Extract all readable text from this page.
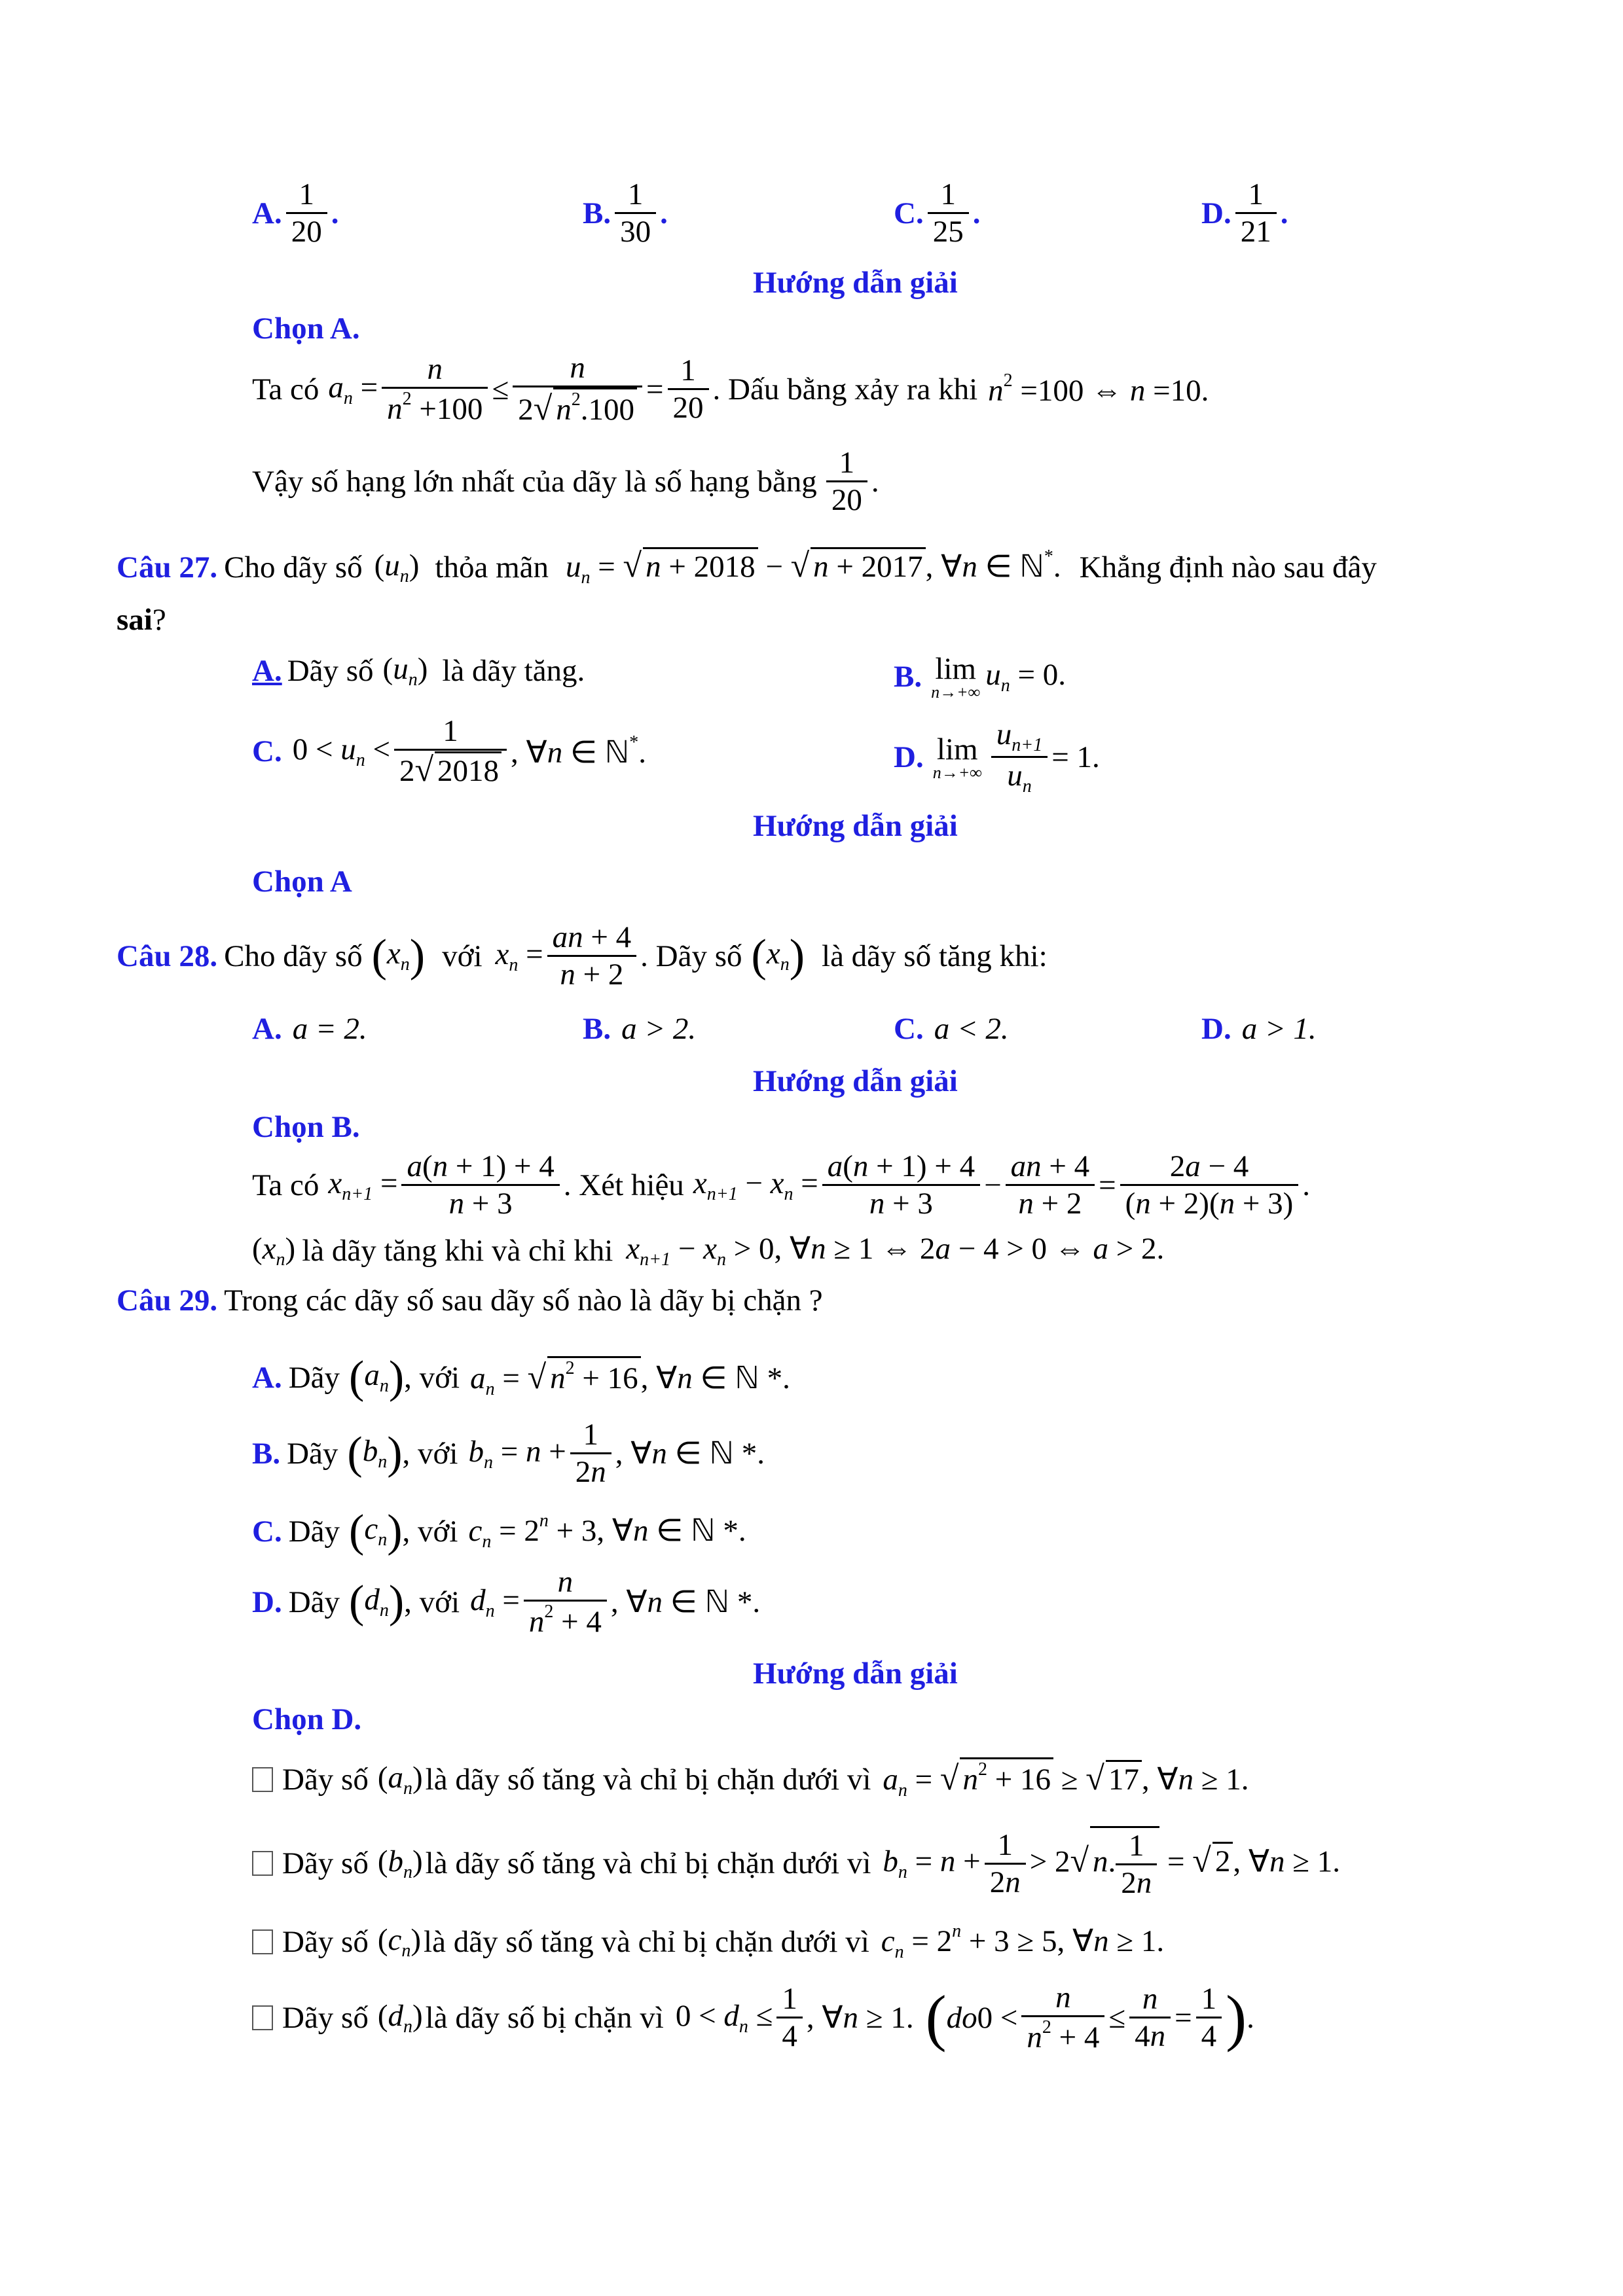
A. $\frac{1}{20}$ .	B. $\frac{1}{30}$ .	C. $\frac{1}{25}$ .	D. $\frac{1}{21}$ .
Hướng dẫn giải
Chọn A.
Ta có $a_n = \frac{n}{n^2 +100} \le \frac{n}{2√ n^2.100} = \frac{1}{20}$ . Dấu bằng xảy ra khi $n^2 =100$ ⇔ n =10.
Vậy số hạng lớn nhất của dãy là số hạng bằng $\frac{1}{20}$ .
Câu 27. Cho dãy số $(u_n)$ thỏa mãn $u_n$ = √ n + 2018 − √ n + 2017, ∀n ∈ ℕ*. Khẳng định nào sau đây
sai?
A. Dãy số $(u_n)$ là dãy tăng.	B. lim
n→+∞
$u_n = 0$.
C. $0 < u_n < \frac{1}{2√ 2018}$ , ∀n ∈ ℕ*.	D. lim
$n\to+\infty \frac{u_{n+1}}{u_n} = 1$.
Hướng dẫn giải
Chọn A
Câu 28. Cho dãy số $(x_n)$ với $x_n = \frac{an + 4}{n + 2}$ . Dãy số $(x_n)$ là dãy số tăng khi:
A. a = 2.	B. a > 2.	C. a < 2.	D. a > 1.
Hướng dẫn giải
Chọn B.
Ta có $x_{n+1} = \frac{a(n + 1) + 4}{n + 3}$ . Xét hiệu $x_{n+1} - x_n = \frac{a(n + 1) + 4}{n + 3} - \frac{an + 4}{n + 2} = \frac{2a - 4}{(n + 2)(n + 3)}$ .
$(x_n)$ là dãy tăng khi và chỉ khi $x_{n+1} - x_n > 0$, ∀n ≥ 1 ⇔ 2a − 4 > 0 ⇔ a > 2.
Câu 29. Trong các dãy số sau dãy số nào là dãy bị chặn ?
A. Dãy $(a_n)$ , với $a_n$ = √ $n^2 + 16$, ∀n ∈ ℕ *.
B. Dãy $(b_n)$ , với $b_n = n + \frac{1}{2n}$ , ∀n ∈ ℕ *.
C. Dãy $(c_n)$ , với $c_n = 2^n + 3$, ∀n ∈ ℕ *.
D. Dãy $(d_n)$ , với $d_n = \frac{n}{n^2 + 4}$ , ∀n ∈ ℕ *.
Hướng dẫn giải
Chọn D.
Dãy số $(a_n)$ là dãy số tăng và chỉ bị chặn dưới vì $a_n$ = √ $n^2 + 16$ ≥ √ 17, ∀n ≥ 1.
Dãy số $(b_n)$ là dãy số tăng và chỉ bị chặn dưới vì $b_n = n + \frac{1}{2n} > 2√$ n. $\frac{1}{2n}$ = √ 2, ∀n ≥ 1.
Dãy số $(c_n)$ là dãy số tăng và chỉ bị chặn dưới vì $c_n = 2^n + 3 \ge 5$, ∀n ≥ 1.
Dãy số $(d_n)$ là dãy số bị chặn vì $0 < d_n \le \frac{1}{4}$ , ∀n ≥ 1. ( do $0 < \frac{n}{n^2 + 4} \le \frac{n}{4n} = \frac{1}{4}$ ) .
